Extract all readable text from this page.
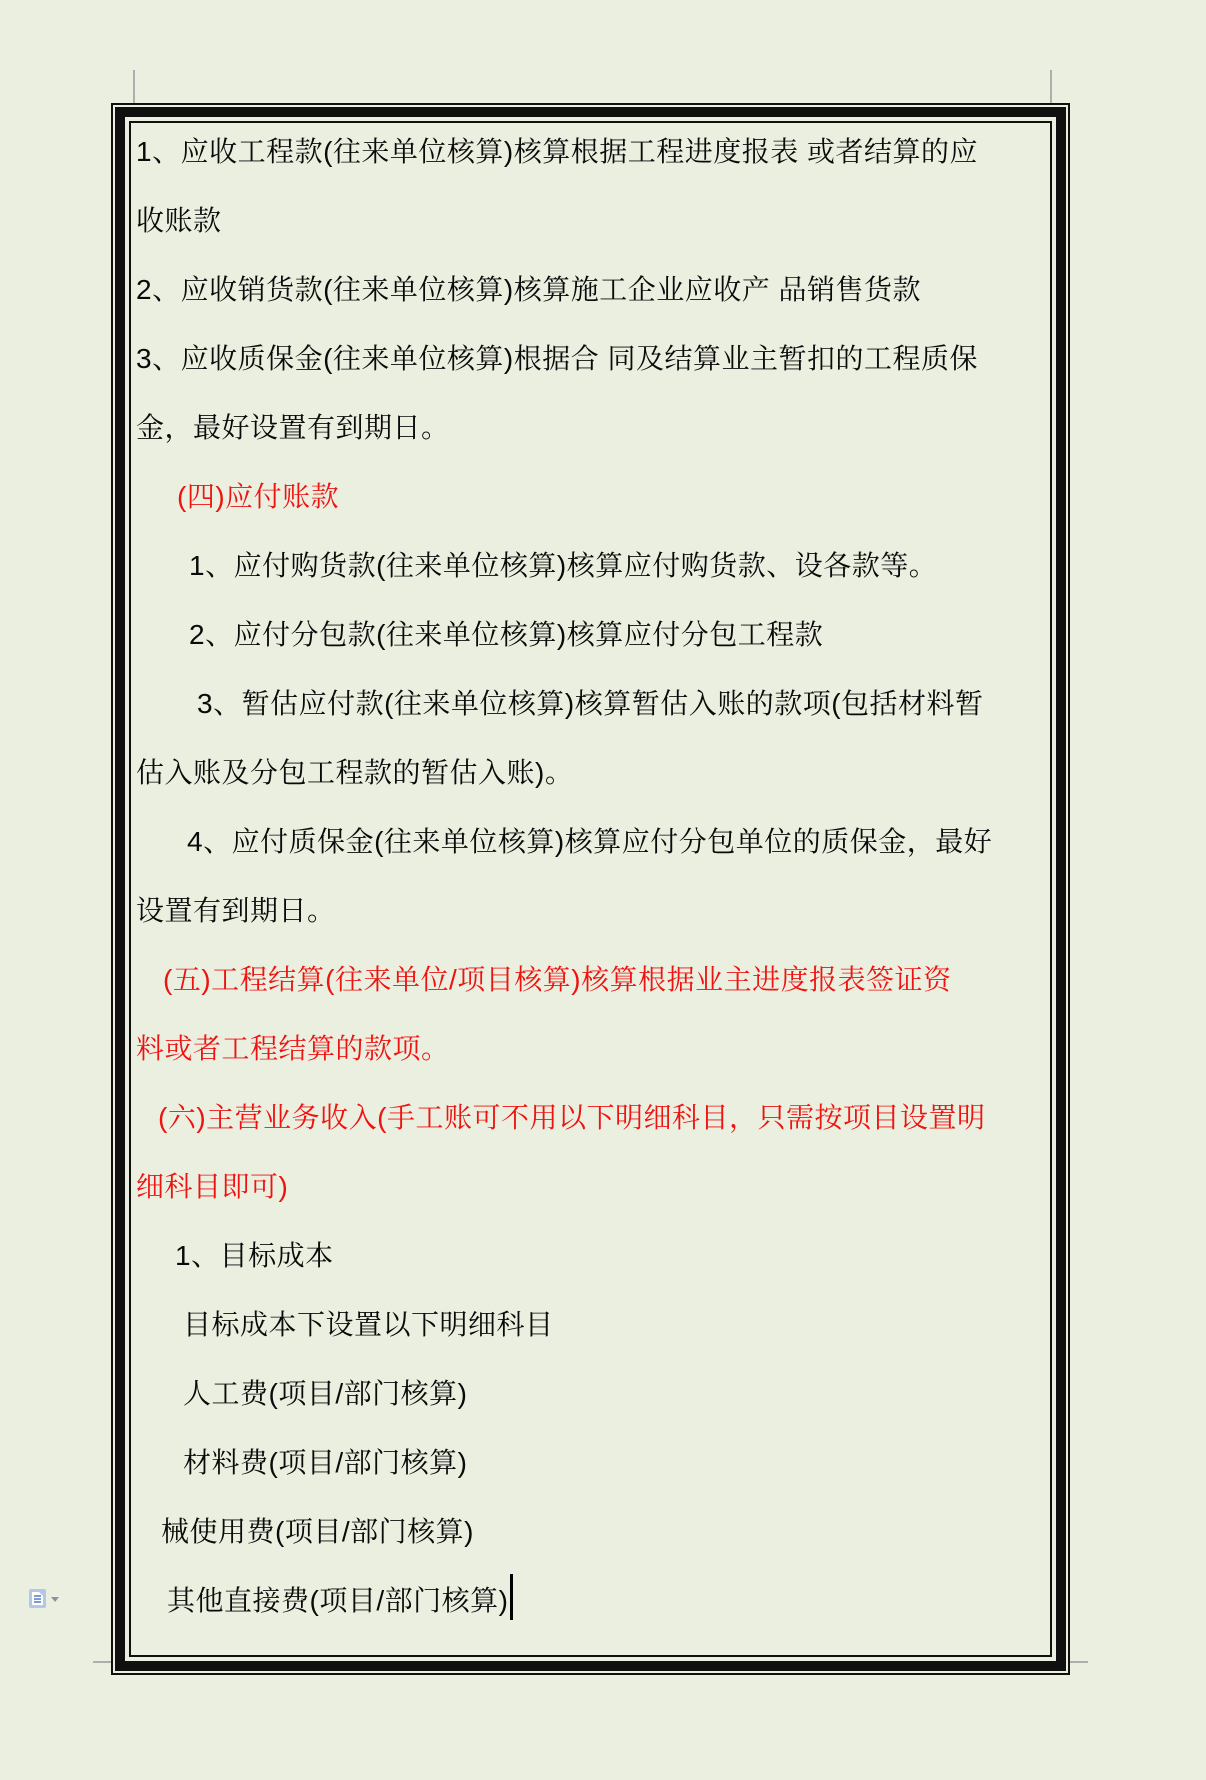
1、应收工程款(往来单位核算)核算根据工程进度报表 或者结算的应
收账款
2、应收销货款(往来单位核算)核算施工企业应收产 品销售货款
3、应收质保金(往来单位核算)根据合 同及结算业主暂扣的工程质保
金，最好设置有到期日。
(四)应付账款
1、应付购货款(往来单位核算)核算应付购货款、设各款等。
2、应付分包款(往来单位核算)核算应付分包工程款
3、暂估应付款(往来单位核算)核算暂估入账的款项(包括材料暂
估入账及分包工程款的暂估入账)。
4、应付质保金(往来单位核算)核算应付分包单位的质保金，最好
设置有到期日。
(五)工程结算(往来单位/项目核算)核算根据业主进度报表签证资
料或者工程结算的款项。
(六)主营业务收入(手工账可不用以下明细科目，只需按项目设置明
细科目即可)
1、目标成本
目标成本下设置以下明细科目
人工费(项目/部门核算)
材料费(项目/部门核算)
械使用费(项目/部门核算)
其他直接费(项目/部门核算)
